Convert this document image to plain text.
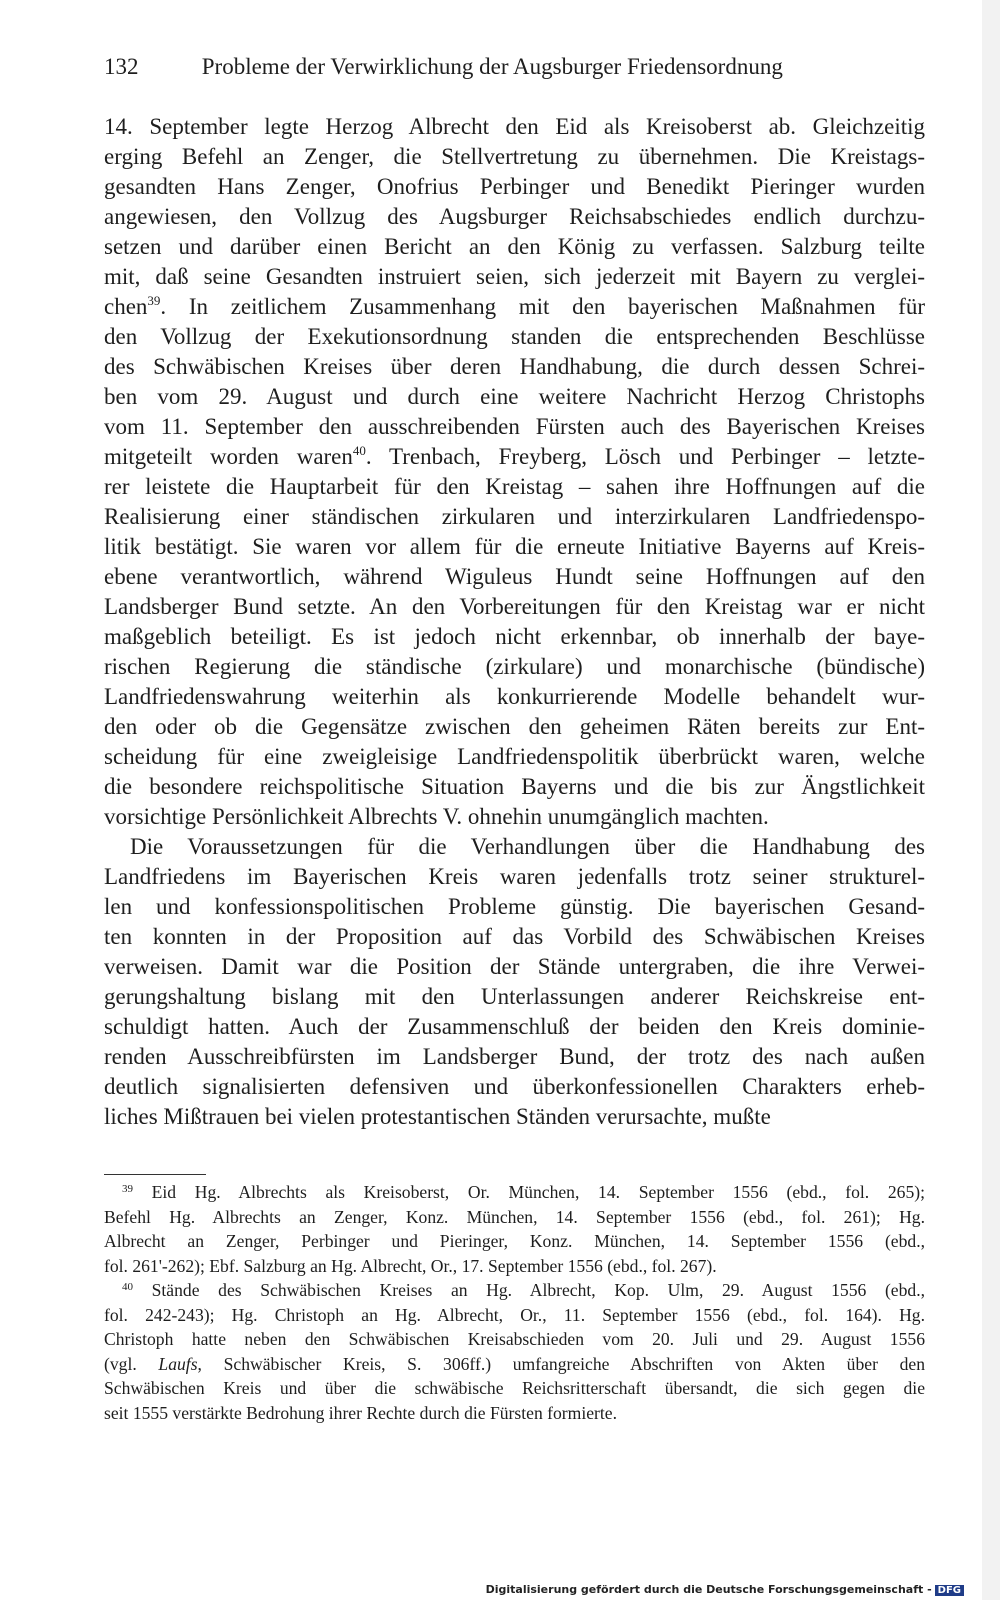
132	Probleme der Verwirklichung der Augsburger Friedensordnung
14. September legte Herzog Albrecht den Eid als Kreisoberst ab. Gleichzeitig
erging Befehl an Zenger, die Stellvertretung zu übernehmen. Die Kreistags-
gesandten Hans Zenger, Onofrius Perbinger und Benedikt Pieringer wurden
angewiesen, den Vollzug des Augsburger Reichsabschiedes endlich durchzu-
setzen und darüber einen Bericht an den König zu verfassen. Salzburg teilte
mit, daß seine Gesandten instruiert seien, sich jederzeit mit Bayern zu verglei-
chen$^{39}$. In zeitlichem Zusammenhang mit den bayerischen Maßnahmen für
den Vollzug der Exekutionsordnung standen die entsprechenden Beschlüsse
des Schwäbischen Kreises über deren Handhabung, die durch dessen Schrei-
ben vom 29. August und durch eine weitere Nachricht Herzog Christophs
vom 11. September den ausschreibenden Fürsten auch des Bayerischen Kreises
mitgeteilt worden waren$^{40}$. Trenbach, Freyberg, Lösch und Perbinger – letzte-
rer leistete die Hauptarbeit für den Kreistag – sahen ihre Hoffnungen auf die
Realisierung einer ständischen zirkularen und interzirkularen Landfriedenspo-
litik bestätigt. Sie waren vor allem für die erneute Initiative Bayerns auf Kreis-
ebene verantwortlich, während Wiguleus Hundt seine Hoffnungen auf den
Landsberger Bund setzte. An den Vorbereitungen für den Kreistag war er nicht
maßgeblich beteiligt. Es ist jedoch nicht erkennbar, ob innerhalb der baye-
rischen Regierung die ständische (zirkulare) und monarchische (bündische)
Landfriedenswahrung weiterhin als konkurrierende Modelle behandelt wur-
den oder ob die Gegensätze zwischen den geheimen Räten bereits zur Ent-
scheidung für eine zweigleisige Landfriedenspolitik überbrückt waren, welche
die besondere reichspolitische Situation Bayerns und die bis zur Ängstlichkeit
vorsichtige Persönlichkeit Albrechts V. ohnehin unumgänglich machten.
Die Voraussetzungen für die Verhandlungen über die Handhabung des
Landfriedens im Bayerischen Kreis waren jedenfalls trotz seiner strukturel-
len und konfessionspolitischen Probleme günstig. Die bayerischen Gesand-
ten konnten in der Proposition auf das Vorbild des Schwäbischen Kreises
verweisen. Damit war die Position der Stände untergraben, die ihre Verwei-
gerungshaltung bislang mit den Unterlassungen anderer Reichskreise ent-
schuldigt hatten. Auch der Zusammenschluß der beiden den Kreis dominie-
renden Ausschreibfürsten im Landsberger Bund, der trotz des nach außen
deutlich signalisierten defensiven und überkonfessionellen Charakters erheb-
liches Mißtrauen bei vielen protestantischen Ständen verursachte, mußte
$^{39}$ Eid Hg. Albrechts als Kreisoberst, Or. München, 14. September 1556 (ebd., fol. 265);
Befehl Hg. Albrechts an Zenger, Konz. München, 14. September 1556 (ebd., fol. 261); Hg.
Albrecht an Zenger, Perbinger und Pieringer, Konz. München, 14. September 1556 (ebd.,
fol. 261'-262); Ebf. Salzburg an Hg. Albrecht, Or., 17. September 1556 (ebd., fol. 267).
$^{40}$ Stände des Schwäbischen Kreises an Hg. Albrecht, Kop. Ulm, 29. August 1556 (ebd.,
fol. 242-243); Hg. Christoph an Hg. Albrecht, Or., 11. September 1556 (ebd., fol. 164). Hg.
Christoph hatte neben den Schwäbischen Kreisabschieden vom 20. Juli und 29. August 1556
(vgl. Laufs, Schwäbischer Kreis, S. 306ff.) umfangreiche Abschriften von Akten über den
Schwäbischen Kreis und über die schwäbische Reichsritterschaft übersandt, die sich gegen die
seit 1555 verstärkte Bedrohung ihrer Rechte durch die Fürsten formierte.
Digitalisierung gefördert durch die Deutsche Forschungsgemeinschaft - DFG
